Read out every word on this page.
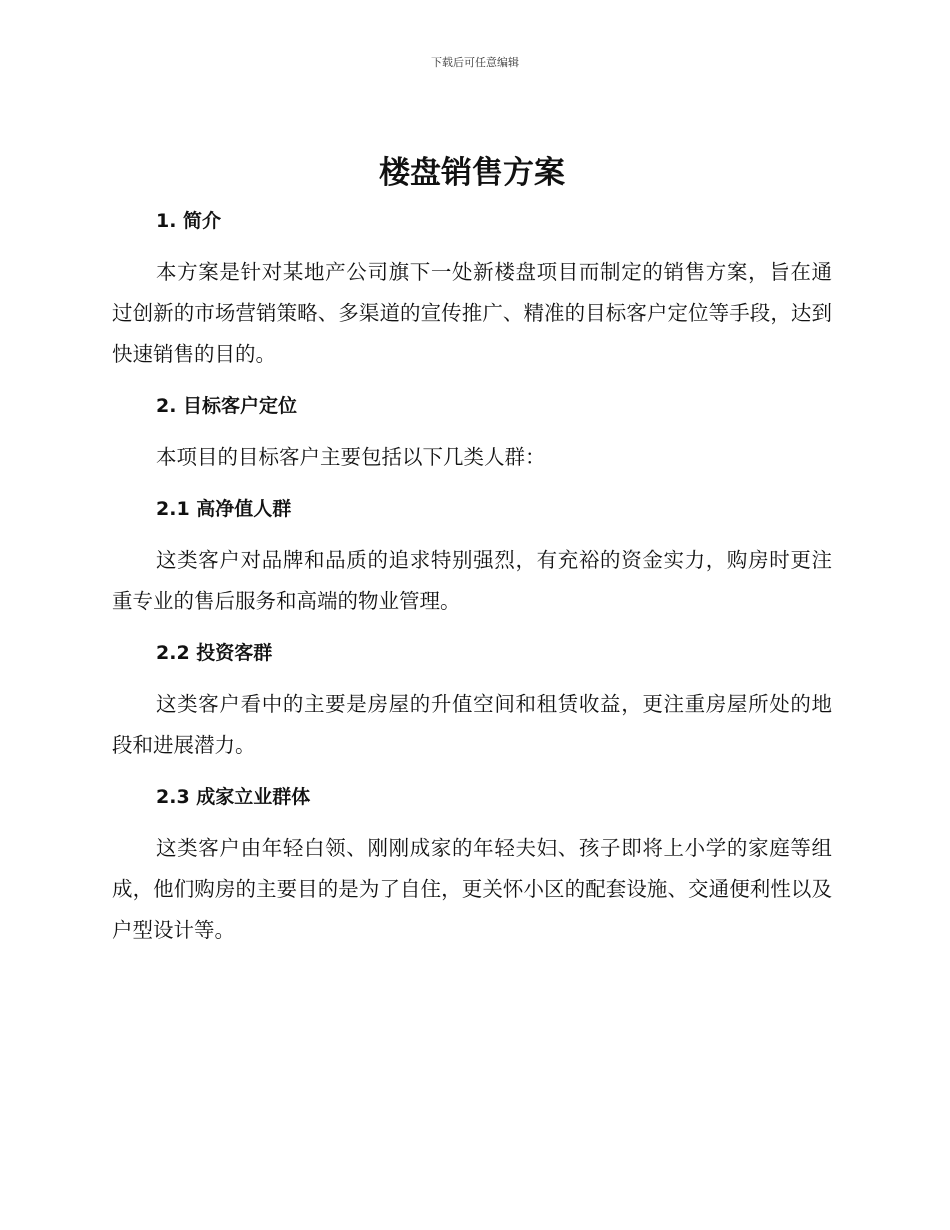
下载后可任意编辑
楼盘销售方案
1. 简介

本方案是针对某地产公司旗下一处新楼盘项目而制定的销售方案，旨在通过创新的市场营销策略、多渠道的宣传推广、精准的目标客户定位等手段，达到快速销售的目的。

2. 目标客户定位

本项目的目标客户主要包括以下几类人群：

2.1 高净值人群

这类客户对品牌和品质的追求特别强烈，有充裕的资金实力，购房时更注重专业的售后服务和高端的物业管理。

2.2 投资客群

这类客户看中的主要是房屋的升值空间和租赁收益，更注重房屋所处的地段和进展潜力。

2.3 成家立业群体

这类客户由年轻白领、刚刚成家的年轻夫妇、孩子即将上小学的家庭等组成，他们购房的主要目的是为了自住，更关怀小区的配套设施、交通便利性以及户型设计等。
